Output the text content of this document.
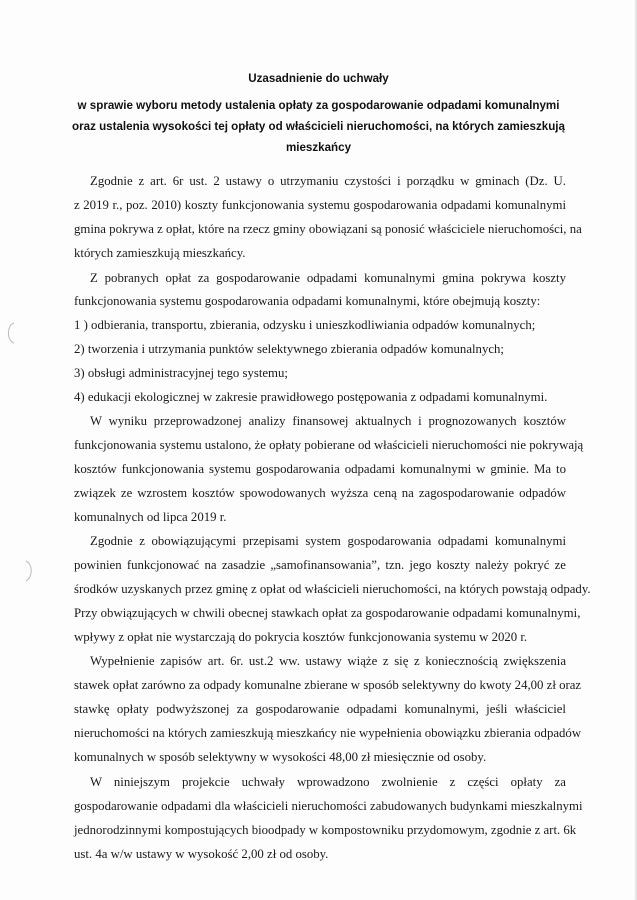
Uzasadnienie do uchwały
w sprawie wyboru metody ustalenia opłaty za gospodarowanie odpadami komunalnymi
oraz ustalenia wysokości tej opłaty od właścicieli nieruchomości, na których zamieszkują
mieszkańcy
Zgodnie z art. 6r ust. 2 ustawy o utrzymaniu czystości i porządku w gminach (Dz. U.
z 2019 r., poz. 2010) koszty funkcjonowania systemu gospodarowania odpadami komunalnymi
gmina pokrywa z opłat, które na rzecz gminy obowiązani są ponosić właściciele nieruchomości, na
których zamieszkują mieszkańcy.
Z pobranych opłat za gospodarowanie odpadami komunalnymi gmina pokrywa koszty
funkcjonowania systemu gospodarowania odpadami komunalnymi, które obejmują koszty:
1 ) odbierania, transportu, zbierania, odzysku i unieszkodliwiania odpadów komunalnych;
2) tworzenia i utrzymania punktów selektywnego zbierania odpadów komunalnych;
3) obsługi administracyjnej tego systemu;
4) edukacji ekologicznej w zakresie prawidłowego postępowania z odpadami komunalnymi.
W wyniku przeprowadzonej analizy finansowej aktualnych i prognozowanych kosztów
funkcjonowania systemu ustalono, że opłaty pobierane od właścicieli nieruchomości nie pokrywają
kosztów funkcjonowania systemu gospodarowania odpadami komunalnymi w gminie. Ma to
związek ze wzrostem kosztów spowodowanych wyższa ceną na zagospodarowanie odpadów
komunalnych od lipca 2019 r.
Zgodnie z obowiązującymi przepisami system gospodarowania odpadami komunalnymi
powinien funkcjonować na zasadzie „samofinansowania”, tzn. jego koszty należy pokryć ze
środków uzyskanych przez gminę z opłat od właścicieli nieruchomości, na których powstają odpady.
Przy obwiązujących w chwili obecnej stawkach opłat za gospodarowanie odpadami komunalnymi,
wpływy z opłat nie wystarczają do pokrycia kosztów funkcjonowania systemu w 2020 r.
Wypełnienie zapisów art. 6r. ust.2 ww. ustawy wiąże z się z koniecznością zwiększenia
stawek opłat zarówno za odpady komunalne zbierane w sposób selektywny do kwoty 24,00 zł oraz
stawkę opłaty podwyższonej za gospodarowanie odpadami komunalnymi, jeśli właściciel
nieruchomości na których zamieszkują mieszkańcy nie wypełnienia obowiązku zbierania odpadów
komunalnych w sposób selektywny w wysokości 48,00 zł miesięcznie od osoby.
W niniejszym projekcie uchwały wprowadzono zwolnienie z części opłaty za
gospodarowanie odpadami dla właścicieli nieruchomości zabudowanych budynkami mieszkalnymi
jednorodzinnymi kompostujących bioodpady w kompostowniku przydomowym, zgodnie z art. 6k
ust. 4a w/w ustawy w wysokość 2,00 zł od osoby.
